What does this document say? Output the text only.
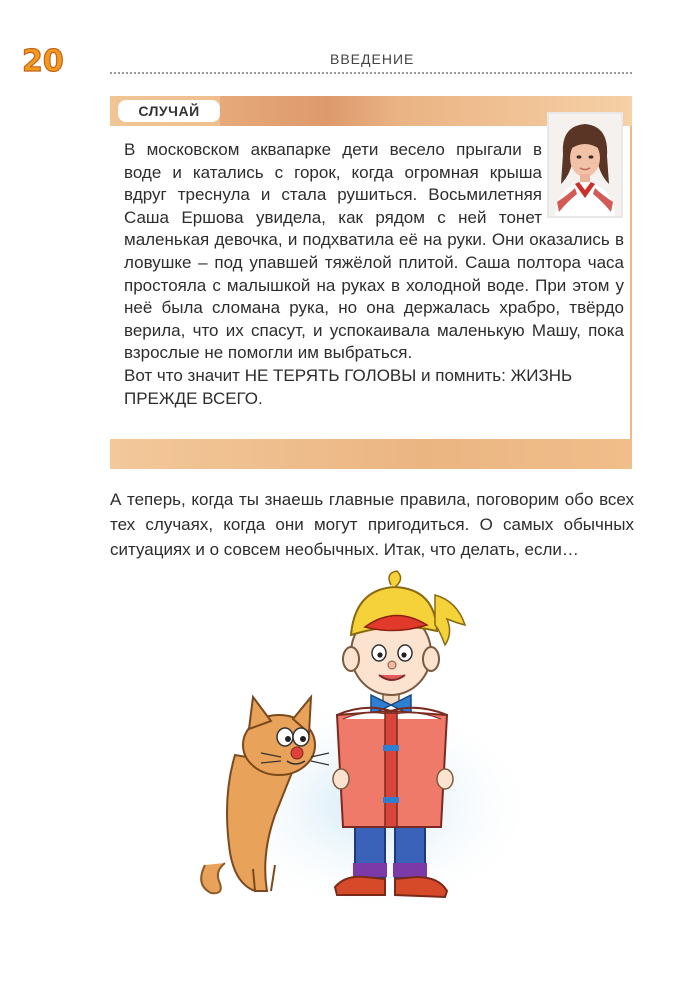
20	ВВЕДЕНИЕ
СЛУЧАЙ

В московском аквапарке дети весело прыгали в воде и катались с горок, когда огромная крыша вдруг треснула и стала рушиться. Восьмилетняя Саша Ершова увидела, как рядом с ней тонет маленькая девочка, и подхватила её на руки. Они оказались в ловушке – под упавшей тяжёлой плитой. Саша полтора часа простояла с малышкой на руках в холодной воде. При этом у неё была сломана рука, но она держалась храбро, твёрдо верила, что их спасут, и успокаивала маленькую Машу, пока взрослые не помогли им выбраться.

Вот что значит НЕ ТЕРЯТЬ ГОЛОВЫ и помнить: ЖИЗНЬ ПРЕЖДЕ ВСЕГО.

А теперь, когда ты знаешь главные правила, поговорим обо всех тех случаях, когда они могут пригодиться. О самых обычных ситуациях и о совсем необычных. Итак, что делать, если…
